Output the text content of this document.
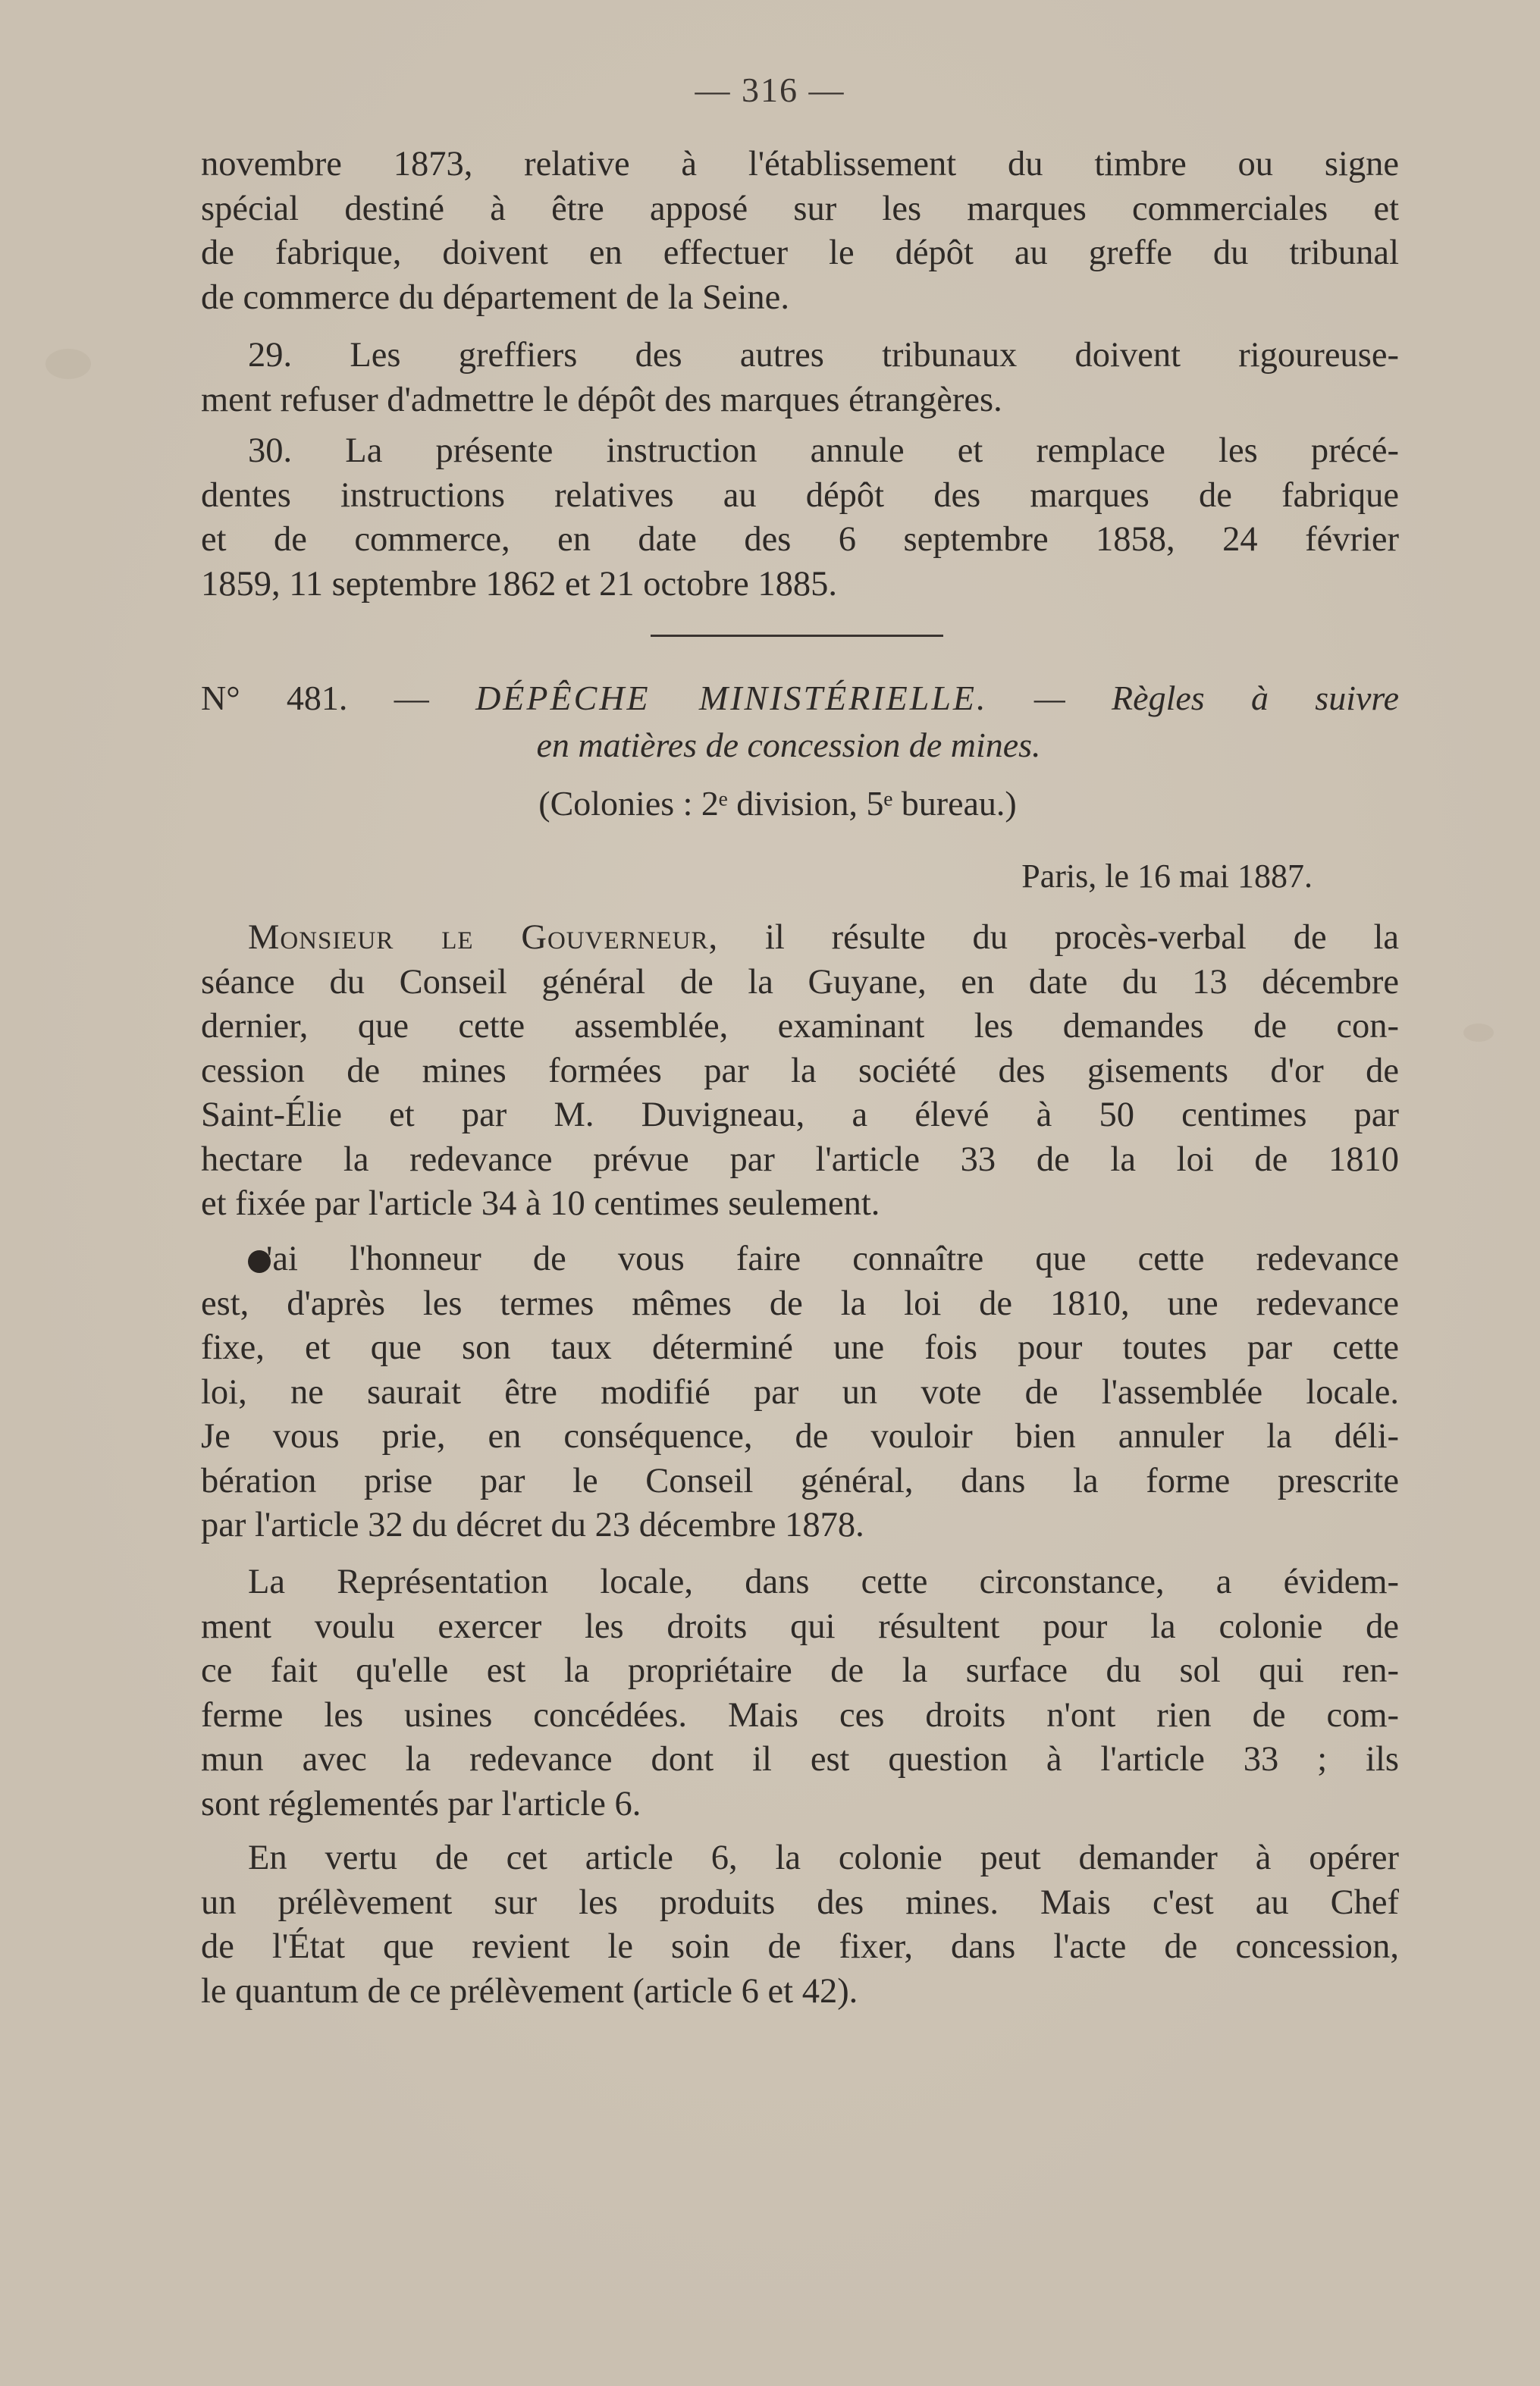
— 316 —

novembre 1873, relative à l'établissement du timbre ou signe
spécial destiné à être apposé sur les marques commerciales et
de fabrique, doivent en effectuer le dépôt au greffe du tribunal
de commerce du département de la Seine.

29. Les greffiers des autres tribunaux doivent rigoureuse-
ment refuser d'admettre le dépôt des marques étrangères.

30. La présente instruction annule et remplace les précé-
dentes instructions relatives au dépôt des marques de fabrique
et de commerce, en date des 6 septembre 1858, 24 février
1859, 11 septembre 1862 et 21 octobre 1885.

N° 481. — DÉPÊCHE MINISTÉRIELLE. — Règles à suivre
en matières de concession de mines.
(Colonies : 2ᵉ division, 5ᵉ bureau.)
Paris, le 16 mai 1887.

Monsieur le Gouverneur, il résulte du procès-verbal de la
séance du Conseil général de la Guyane, en date du 13 décembre
dernier, que cette assemblée, examinant les demandes de con-
cession de mines formées par la société des gisements d'or de
Saint-Élie et par M. Duvigneau, a élevé à 50 centimes par
hectare la redevance prévue par l'article 33 de la loi de 1810
et fixée par l'article 34 à 10 centimes seulement.

'ai l'honneur de vous faire connaître que cette redevance
est, d'après les termes mêmes de la loi de 1810, une redevance
fixe, et que son taux déterminé une fois pour toutes par cette
loi, ne saurait être modifié par un vote de l'assemblée locale.
Je vous prie, en conséquence, de vouloir bien annuler la déli-
bération prise par le Conseil général, dans la forme prescrite
par l'article 32 du décret du 23 décembre 1878.

La Représentation locale, dans cette circonstance, a évidem-
ment voulu exercer les droits qui résultent pour la colonie de
ce fait qu'elle est la propriétaire de la surface du sol qui ren-
ferme les usines concédées. Mais ces droits n'ont rien de com-
mun avec la redevance dont il est question à l'article 33 ; ils
sont réglementés par l'article 6.

En vertu de cet article 6, la colonie peut demander à opérer
un prélèvement sur les produits des mines. Mais c'est au Chef
de l'État que revient le soin de fixer, dans l'acte de concession,
le quantum de ce prélèvement (article 6 et 42).
